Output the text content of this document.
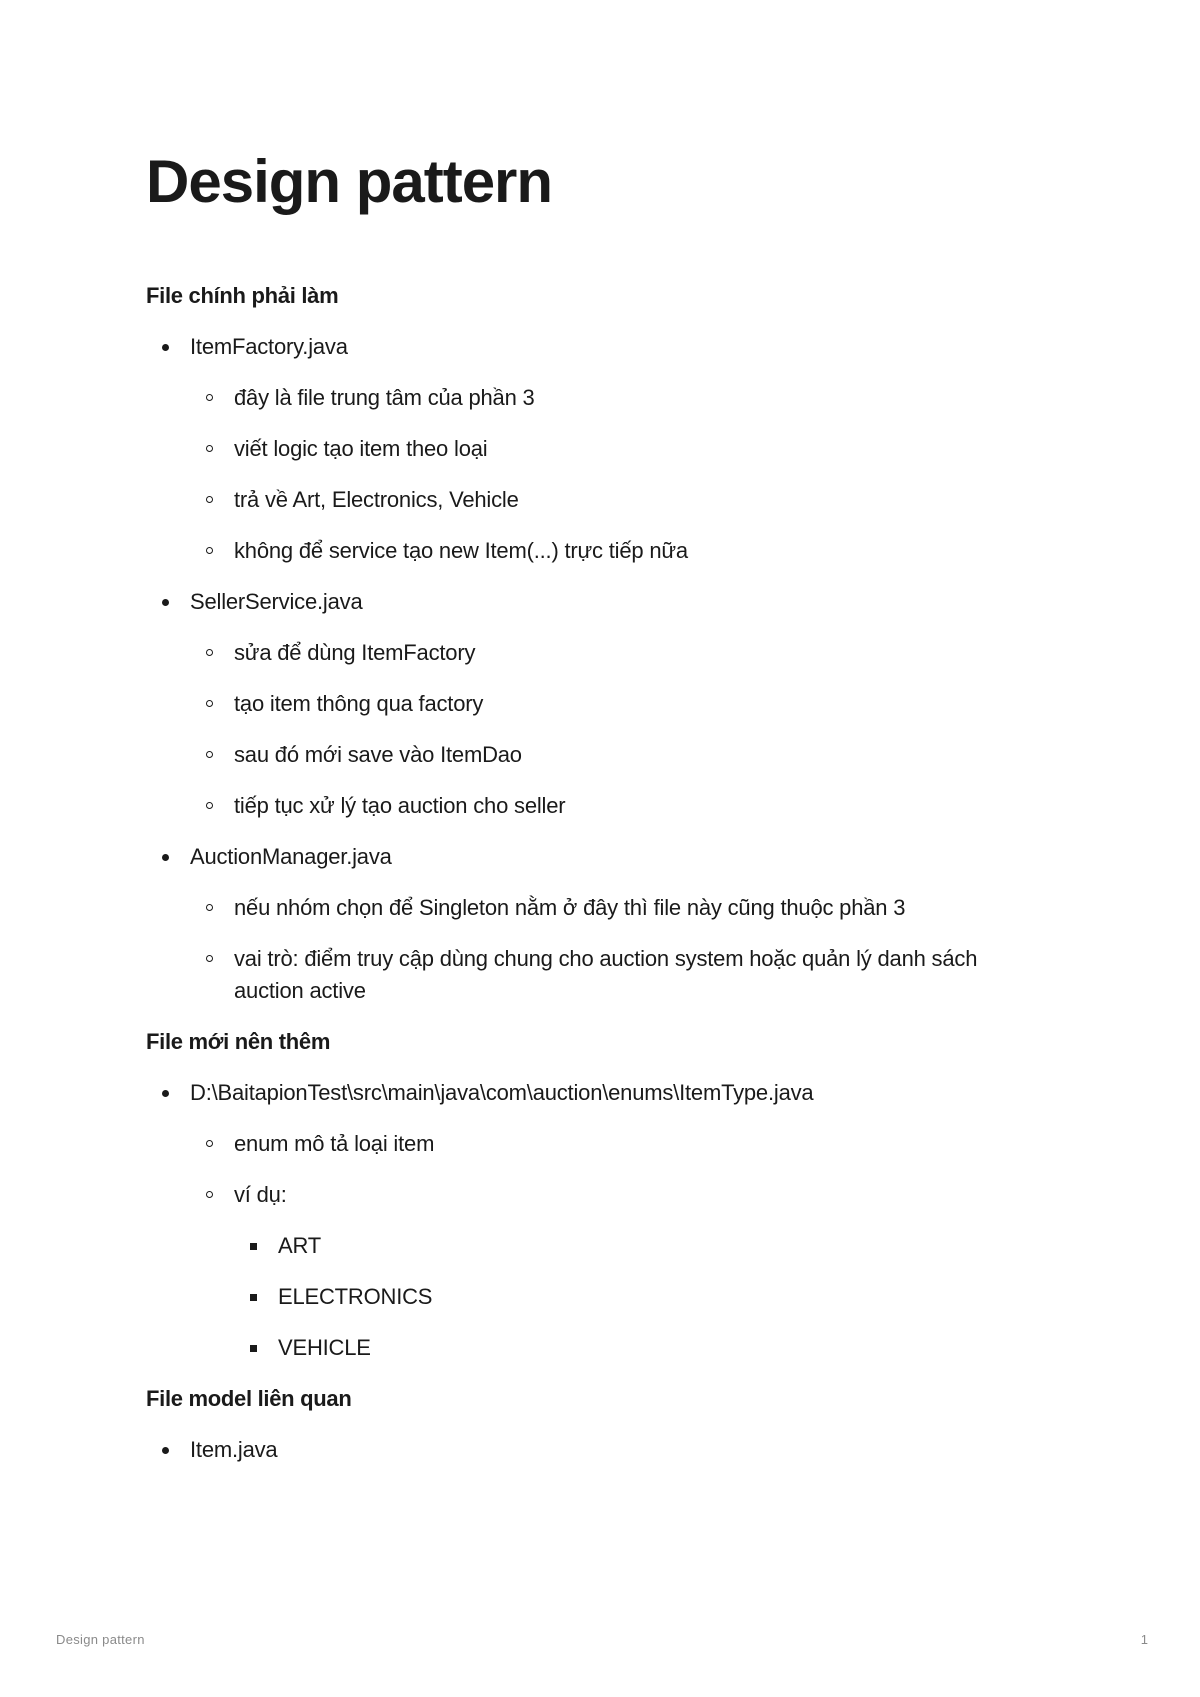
Design pattern
File chính phải làm
ItemFactory.java
đây là file trung tâm của phần 3
viết logic tạo item theo loại
trả về Art, Electronics, Vehicle
không để service tạo new Item(...) trực tiếp nữa
SellerService.java
sửa để dùng ItemFactory
tạo item thông qua factory
sau đó mới save vào ItemDao
tiếp tục xử lý tạo auction cho seller
AuctionManager.java
nếu nhóm chọn để Singleton nằm ở đây thì file này cũng thuộc phần 3
vai trò: điểm truy cập dùng chung cho auction system hoặc quản lý danh sách auction active
File mới nên thêm
D:\BaitapionTest\src\main\java\com\auction\enums\ItemType.java
enum mô tả loại item
ví dụ:
ART
ELECTRONICS
VEHICLE
File model liên quan
Item.java
Design pattern	1
